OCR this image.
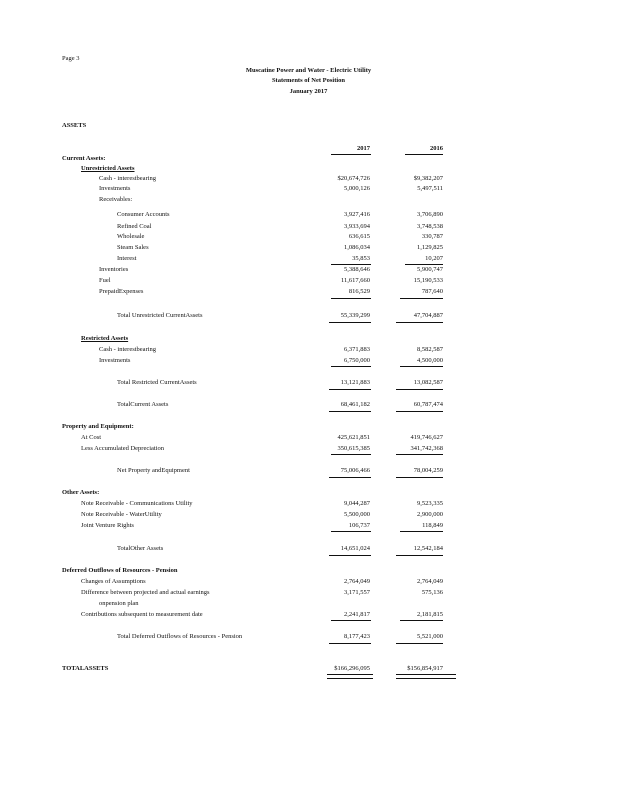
Page 3
Muscatine Power and Water - Electric Utility
Statements of Net Position
January 2017
ASSETS
2017	2016
Current Assets:
Unrestricted Assets
Cash - interestbearing	$20,674,726	$9,382,207
Investments	5,000,126	5,497,511
Receivables:
Consumer Accounts	3,927,416	3,706,890
Refined Coal	3,933,694	3,748,538
Wholesale	636,615	330,787
Steam Sales	1,086,034	1,129,825
Interest	35,853	10,207
Inventories	5,388,646	5,900,747
Fuel	11,617,660	15,190,533
PrepaidExpenses	816,529	787,640
Total Unrestricted CurrentAssets	55,339,299	47,704,887
Restricted Assets
Cash - interestbearing	6,371,883	8,582,587
Investments	6,750,000	4,500,000
Total Restricted CurrentAssets	13,121,883	13,082,587
TotalCurrent Assets	68,461,182	60,787,474
Property and Equipment:
At Cost	425,621,851	419,746,627
Less Accumulated Depreciation	350,615,385	341,742,368
Net Property andEquipment	75,006,466	78,004,259
Other Assets:
Note Receivable - Communications Utility	9,044,287	9,523,335
Note Receivable - WaterUtility	5,500,000	2,900,000
Joint Venture Rights	106,737	118,849
TotalOther Assets	14,651,024	12,542,184
Deferred Outflows of Resources - Pension
Changes of Assumptions	2,764,049	2,764,049
Difference between projected and actual earnings	3,171,557	575,136
onpension plan
Contributions subsequent to measurement date	2,241,817	2,181,815
Total Deferred Outflows of Resources - Pension	8,177,423	5,521,000
TOTALASSETS	$166,296,095	$156,854,917
